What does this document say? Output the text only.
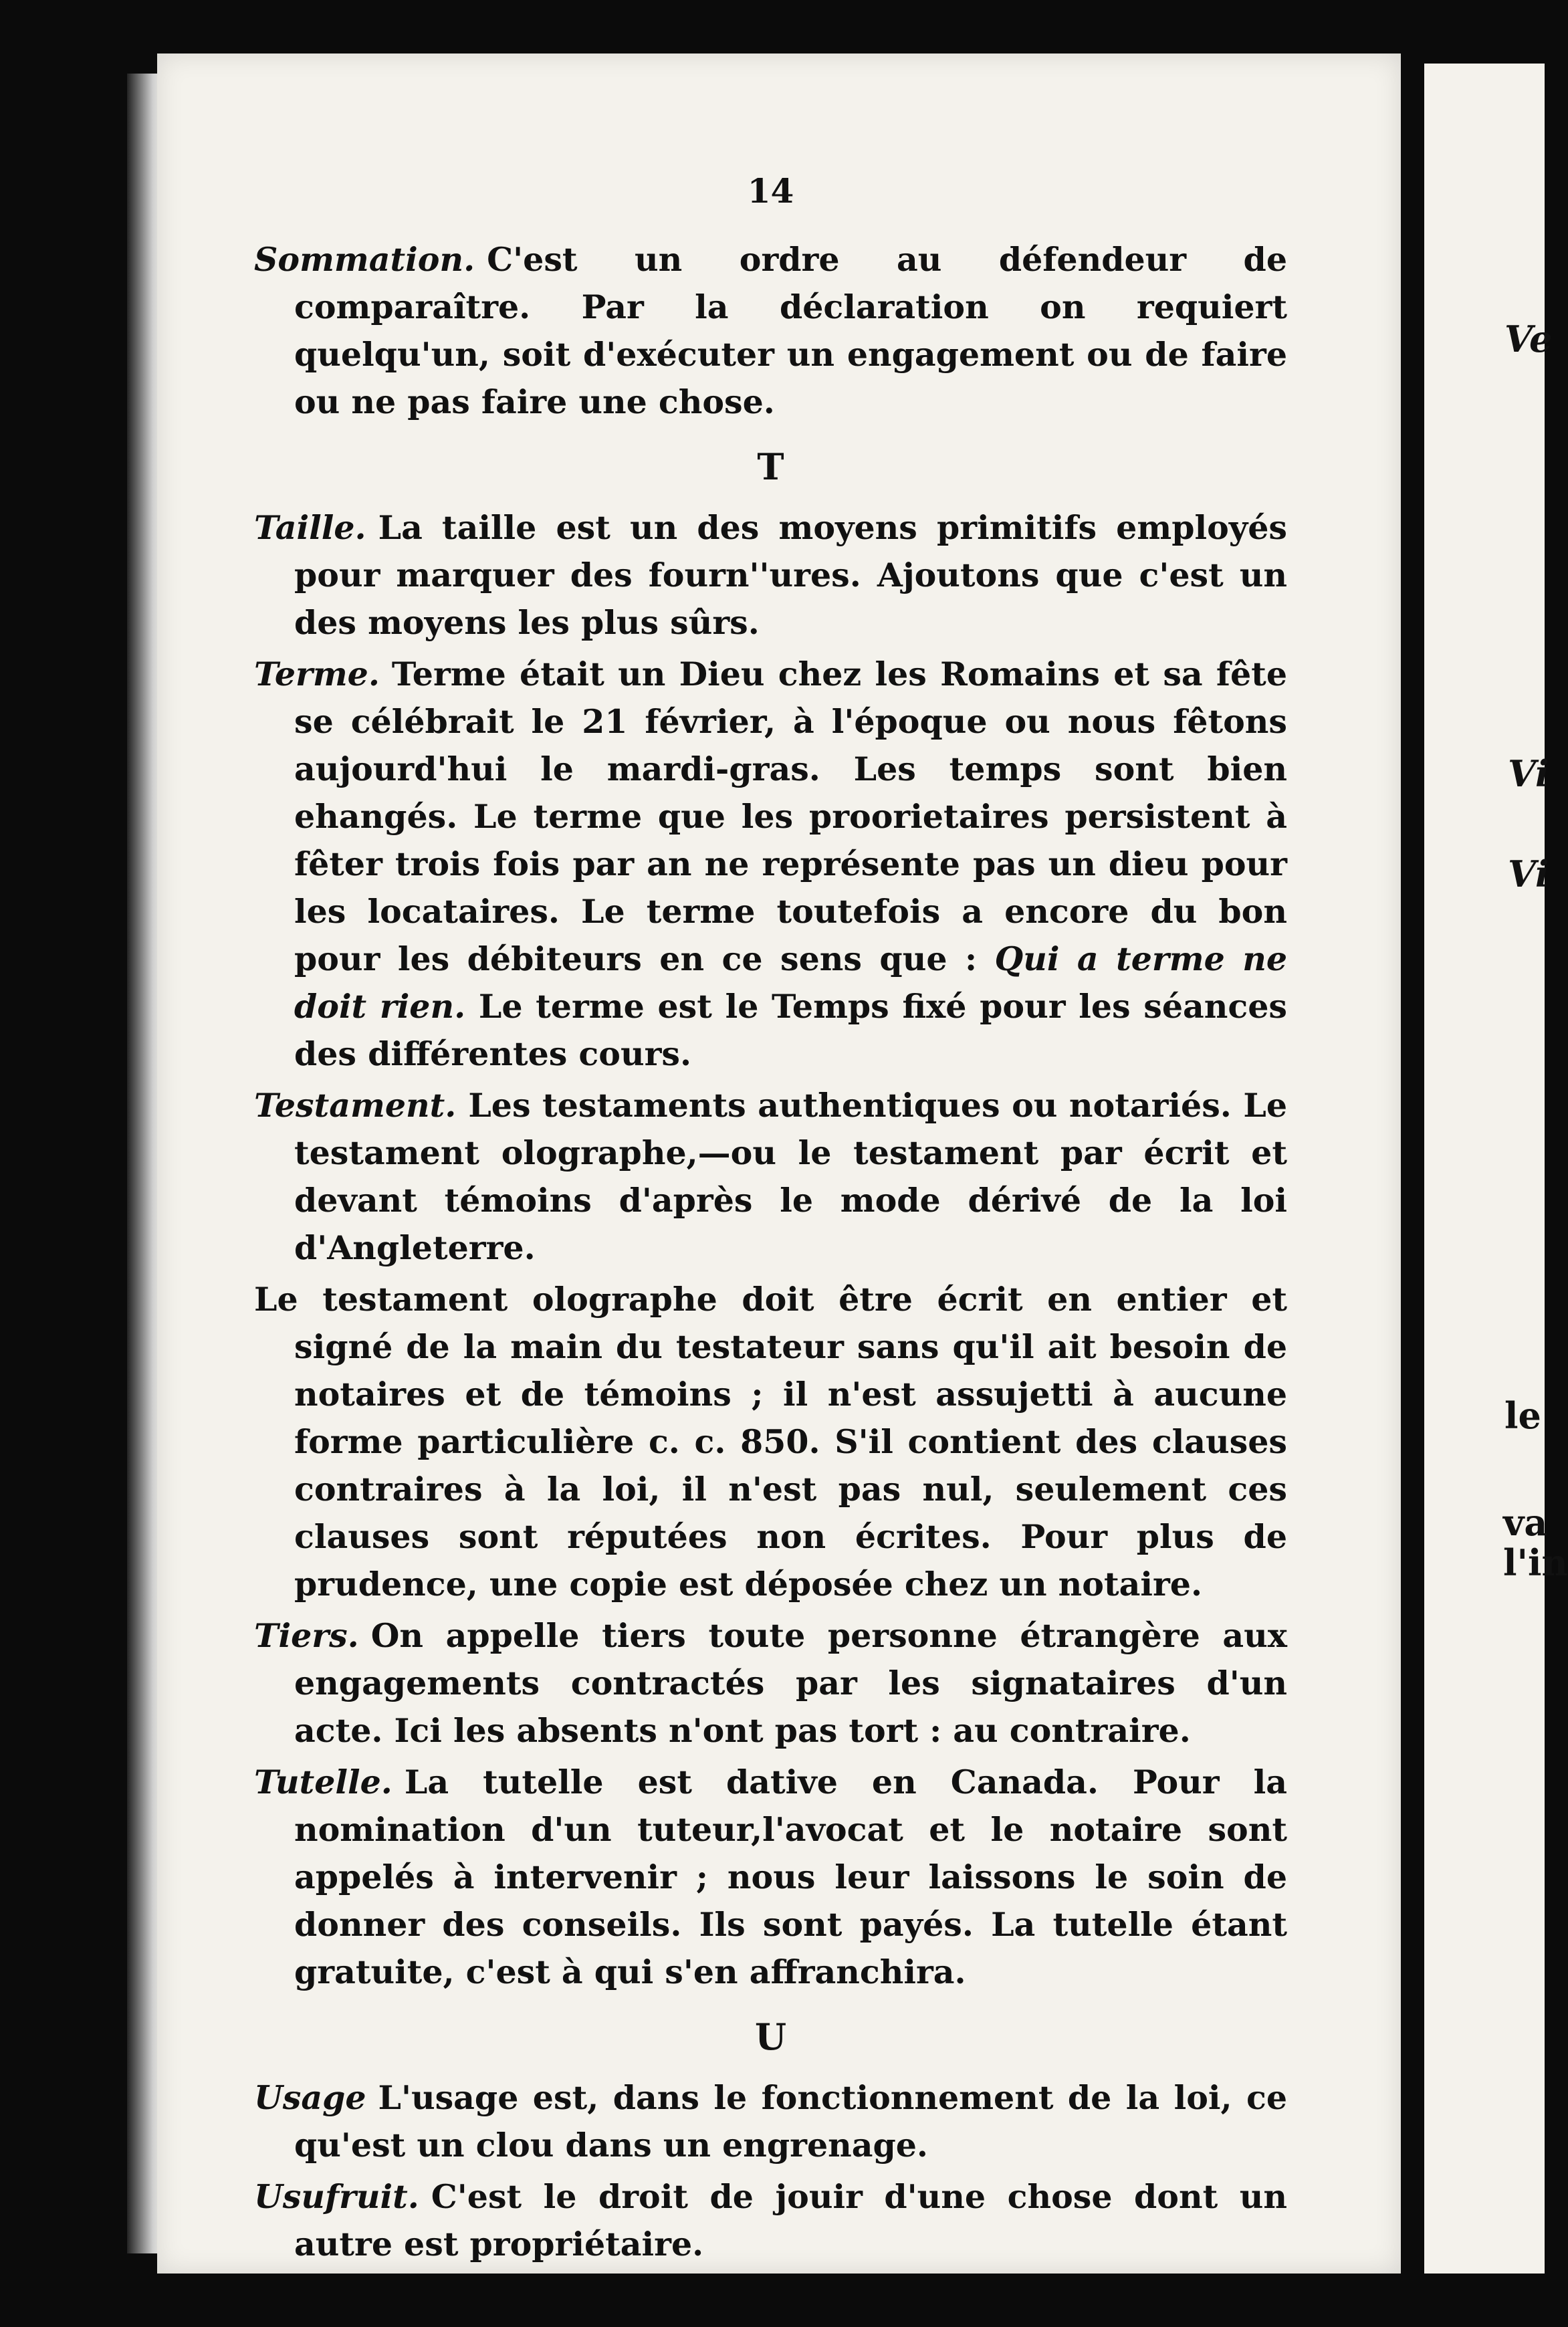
Ve
Vi
Vi
le
va
l'in
14

Sommation. C'est un ordre au défendeur de comparaître. Par la déclaration on requiert quelqu'un, soit d'exécuter un engagement ou de faire ou ne pas faire une chose.

T

Taille. La taille est un des moyens primitifs employés pour marquer des fourn''ures. Ajoutons que c'est un des moyens les plus sûrs.

Terme. Terme était un Dieu chez les Romains et sa fête se célébrait le 21 février, à l'époque ou nous fêtons aujourd'hui le mardi-gras. Les temps sont bien ehangés. Le terme que les proorietaires persistent à fêter trois fois par an ne représente pas un dieu pour les locataires. Le terme toutefois a encore du bon pour les débiteurs en ce sens que : Qui a terme ne doit rien. Le terme est le Temps fixé pour les séances des différentes cours.

Testament. Les testaments authentiques ou notariés. Le testament olographe,—ou le testament par écrit et devant témoins d'après le mode dérivé de la loi d'Angleterre.

Le testament olographe doit être écrit en entier et signé de la main du testateur sans qu'il ait besoin de notaires et de témoins ; il n'est assujetti à aucune forme particulière c. c. 850. S'il contient des clauses contraires à la loi, il n'est pas nul, seulement ces clauses sont réputées non écrites. Pour plus de prudence, une copie est déposée chez un notaire.

Tiers. On appelle tiers toute personne étrangère aux engagements contractés par les signataires d'un acte. Ici les absents n'ont pas tort : au contraire.

Tutelle. La tutelle est dative en Canada. Pour la nomination d'un tuteur,l'avocat et le notaire sont appelés à intervenir ; nous leur laissons le soin de donner des conseils. Ils sont payés. La tutelle étant gratuite, c'est à qui s'en affranchira.

U

Usage L'usage est, dans le fonctionnement de la loi, ce qu'est un clou dans un engrenage.

Usufruit. C'est le droit de jouir d'une chose dont un autre est propriétaire.
